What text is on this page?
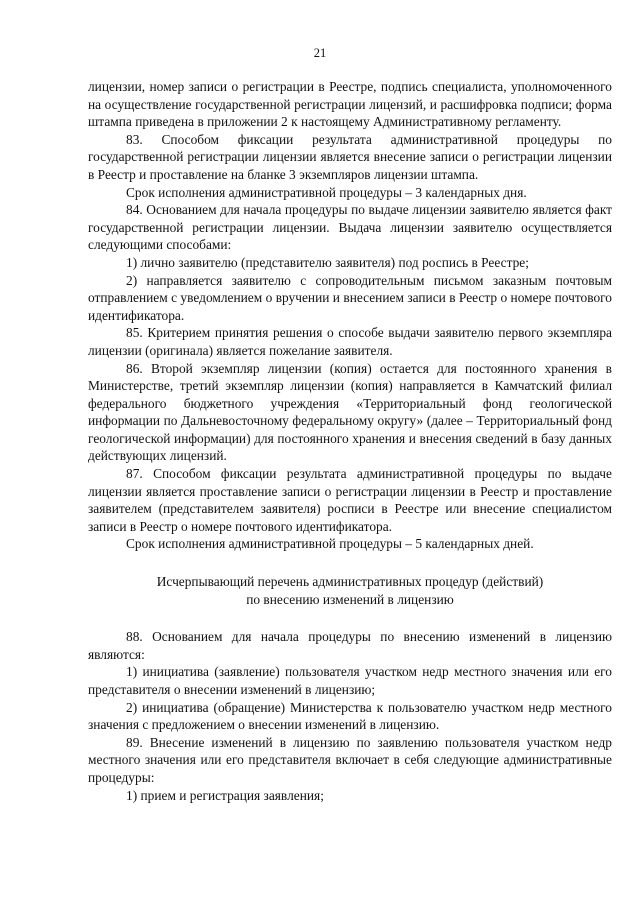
21

лицензии, номер записи о регистрации в Реестре, подпись специалиста, уполномоченного на осуществление государственной регистрации лицензий, и расшифровка подписи; форма штампа приведена в приложении 2 к настоящему Административному регламенту.

83. Способом фиксации результата административной процедуры по государственной регистрации лицензии является внесение записи о регистрации лицензии в Реестр и проставление на бланке 3 экземпляров лицензии штампа.

Срок исполнения административной процедуры – 3 календарных дня.

84. Основанием для начала процедуры по выдаче лицензии заявителю является факт государственной регистрации лицензии. Выдача лицензии заявителю осуществляется следующими способами:

1) лично заявителю (представителю заявителя) под роспись в Реестре;

2) направляется заявителю с сопроводительным письмом заказным почтовым отправлением с уведомлением о вручении и внесением записи в Реестр о номере почтового идентификатора.

85. Критерием принятия решения о способе выдачи заявителю первого экземпляра лицензии (оригинала) является пожелание заявителя.

86. Второй экземпляр лицензии (копия) остается для постоянного хранения в Министерстве, третий экземпляр лицензии (копия) направляется в Камчатский филиал федерального бюджетного учреждения «Территориальный фонд геологической информации по Дальневосточному федеральному округу» (далее – Территориальный фонд геологической информации) для постоянного хранения и внесения сведений в базу данных действующих лицензий.

87. Способом фиксации результата административной процедуры по выдаче лицензии является проставление записи о регистрации лицензии в Реестр и проставление заявителем (представителем заявителя) росписи в Реестре или внесение специалистом записи в Реестр о номере почтового идентификатора.

Срок исполнения административной процедуры – 5 календарных дней.

Исчерпывающий перечень административных процедур (действий)
по внесению изменений в лицензию

88. Основанием для начала процедуры по внесению изменений в лицензию являются:

1) инициатива (заявление) пользователя участком недр местного значения или его представителя о внесении изменений в лицензию;

2) инициатива (обращение) Министерства к пользователю участком недр местного значения с предложением о внесении изменений в лицензию.

89. Внесение изменений в лицензию по заявлению пользователя участком недр местного значения или его представителя включает в себя следующие административные процедуры:

1) прием и регистрация заявления;
